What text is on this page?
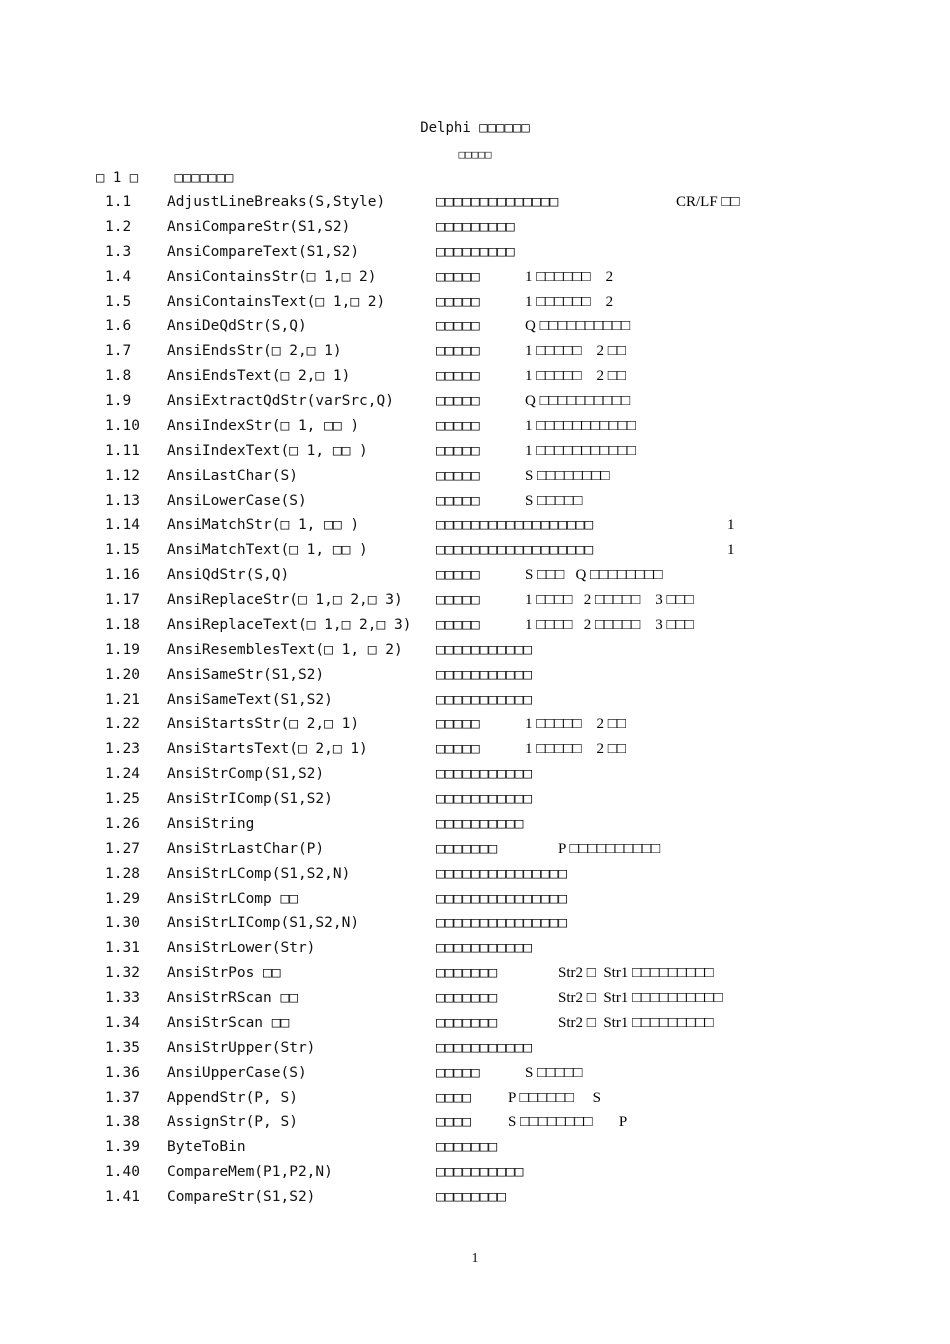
Delphi □□□□□□
□□□□□
□ 1 □	□□□□□□□
1.1 AdjustLineBreaks(S,Style)	□□□□□□□□□□□□□□	CR/LF □□
1.2 AnsiCompareStr(S1,S2)	□□□□□□□□□
1.3 AnsiCompareText(S1,S2)	□□□□□□□□□
1.4 AnsiContainsStr(□ 1,□ 2)	□□□□□	1 □□□□□□    2
1.5 AnsiContainsText(□ 1,□ 2)	□□□□□	1 □□□□□□    2
1.6 AnsiDeQdStr(S,Q)	□□□□□	Q □□□□□□□□□□
1.7 AnsiEndsStr(□ 2,□ 1)	□□□□□	1 □□□□□    2 □□
1.8 AnsiEndsText(□ 2,□ 1)	□□□□□	1 □□□□□    2 □□
1.9 AnsiExtractQdStr(varSrc,Q)	□□□□□	Q □□□□□□□□□□
1.10 AnsiIndexStr(□ 1, □□ )	□□□□□	1 □□□□□□□□□□□
1.11 AnsiIndexText(□ 1, □□ )	□□□□□	1 □□□□□□□□□□□
1.12 AnsiLastChar(S)	□□□□□	S □□□□□□□□
1.13 AnsiLowerCase(S)	□□□□□	S □□□□□
1.14 AnsiMatchStr(□ 1, □□ )	□□□□□□□□□□□□□□□□□□	1
1.15 AnsiMatchText(□ 1, □□ )	□□□□□□□□□□□□□□□□□□	1
1.16 AnsiQdStr(S,Q)	□□□□□	S □□□   Q □□□□□□□□
1.17 AnsiReplaceStr(□ 1,□ 2,□ 3) □□□□□	1 □□□□   2 □□□□□    3 □□□
1.18 AnsiReplaceText(□ 1,□ 2,□ 3) □□□□□	1 □□□□   2 □□□□□    3 □□□
1.19 AnsiResemblesText(□ 1, □ 2) □□□□□□□□□□□
1.20 AnsiSameStr(S1,S2)	□□□□□□□□□□□
1.21 AnsiSameText(S1,S2)	□□□□□□□□□□□
1.22 AnsiStartsStr(□ 2,□ 1)	□□□□□	1 □□□□□    2 □□
1.23 AnsiStartsText(□ 2,□ 1)	□□□□□	1 □□□□□    2 □□
1.24 AnsiStrComp(S1,S2)	□□□□□□□□□□□
1.25 AnsiStrIComp(S1,S2)	□□□□□□□□□□□
1.26 AnsiString	□□□□□□□□□□
1.27 AnsiStrLastChar(P)	□□□□□□□	P □□□□□□□□□□
1.28 AnsiStrLComp(S1,S2,N)	□□□□□□□□□□□□□□□
1.29 AnsiStrLComp □□	□□□□□□□□□□□□□□□
1.30 AnsiStrLIComp(S1,S2,N)	□□□□□□□□□□□□□□□
1.31 AnsiStrLower(Str)	□□□□□□□□□□□
1.32 AnsiStrPos □□	□□□□□□□	Str2 □  Str1 □□□□□□□□□
1.33 AnsiStrRScan □□	□□□□□□□	Str2 □  Str1 □□□□□□□□□□
1.34 AnsiStrScan □□	□□□□□□□	Str2 □  Str1 □□□□□□□□□
1.35 AnsiStrUpper(Str)	□□□□□□□□□□□
1.36 AnsiUpperCase(S)	□□□□□	S □□□□□
1.37 AppendStr(P, S)	□□□□ P □□□□□□     S
1.38 AssignStr(P, S)	□□□□ S □□□□□□□□       P
1.39 ByteToBin	□□□□□□□
1.40 CompareMem(P1,P2,N)	□□□□□□□□□□
1.41 CompareStr(S1,S2)	□□□□□□□□
1
